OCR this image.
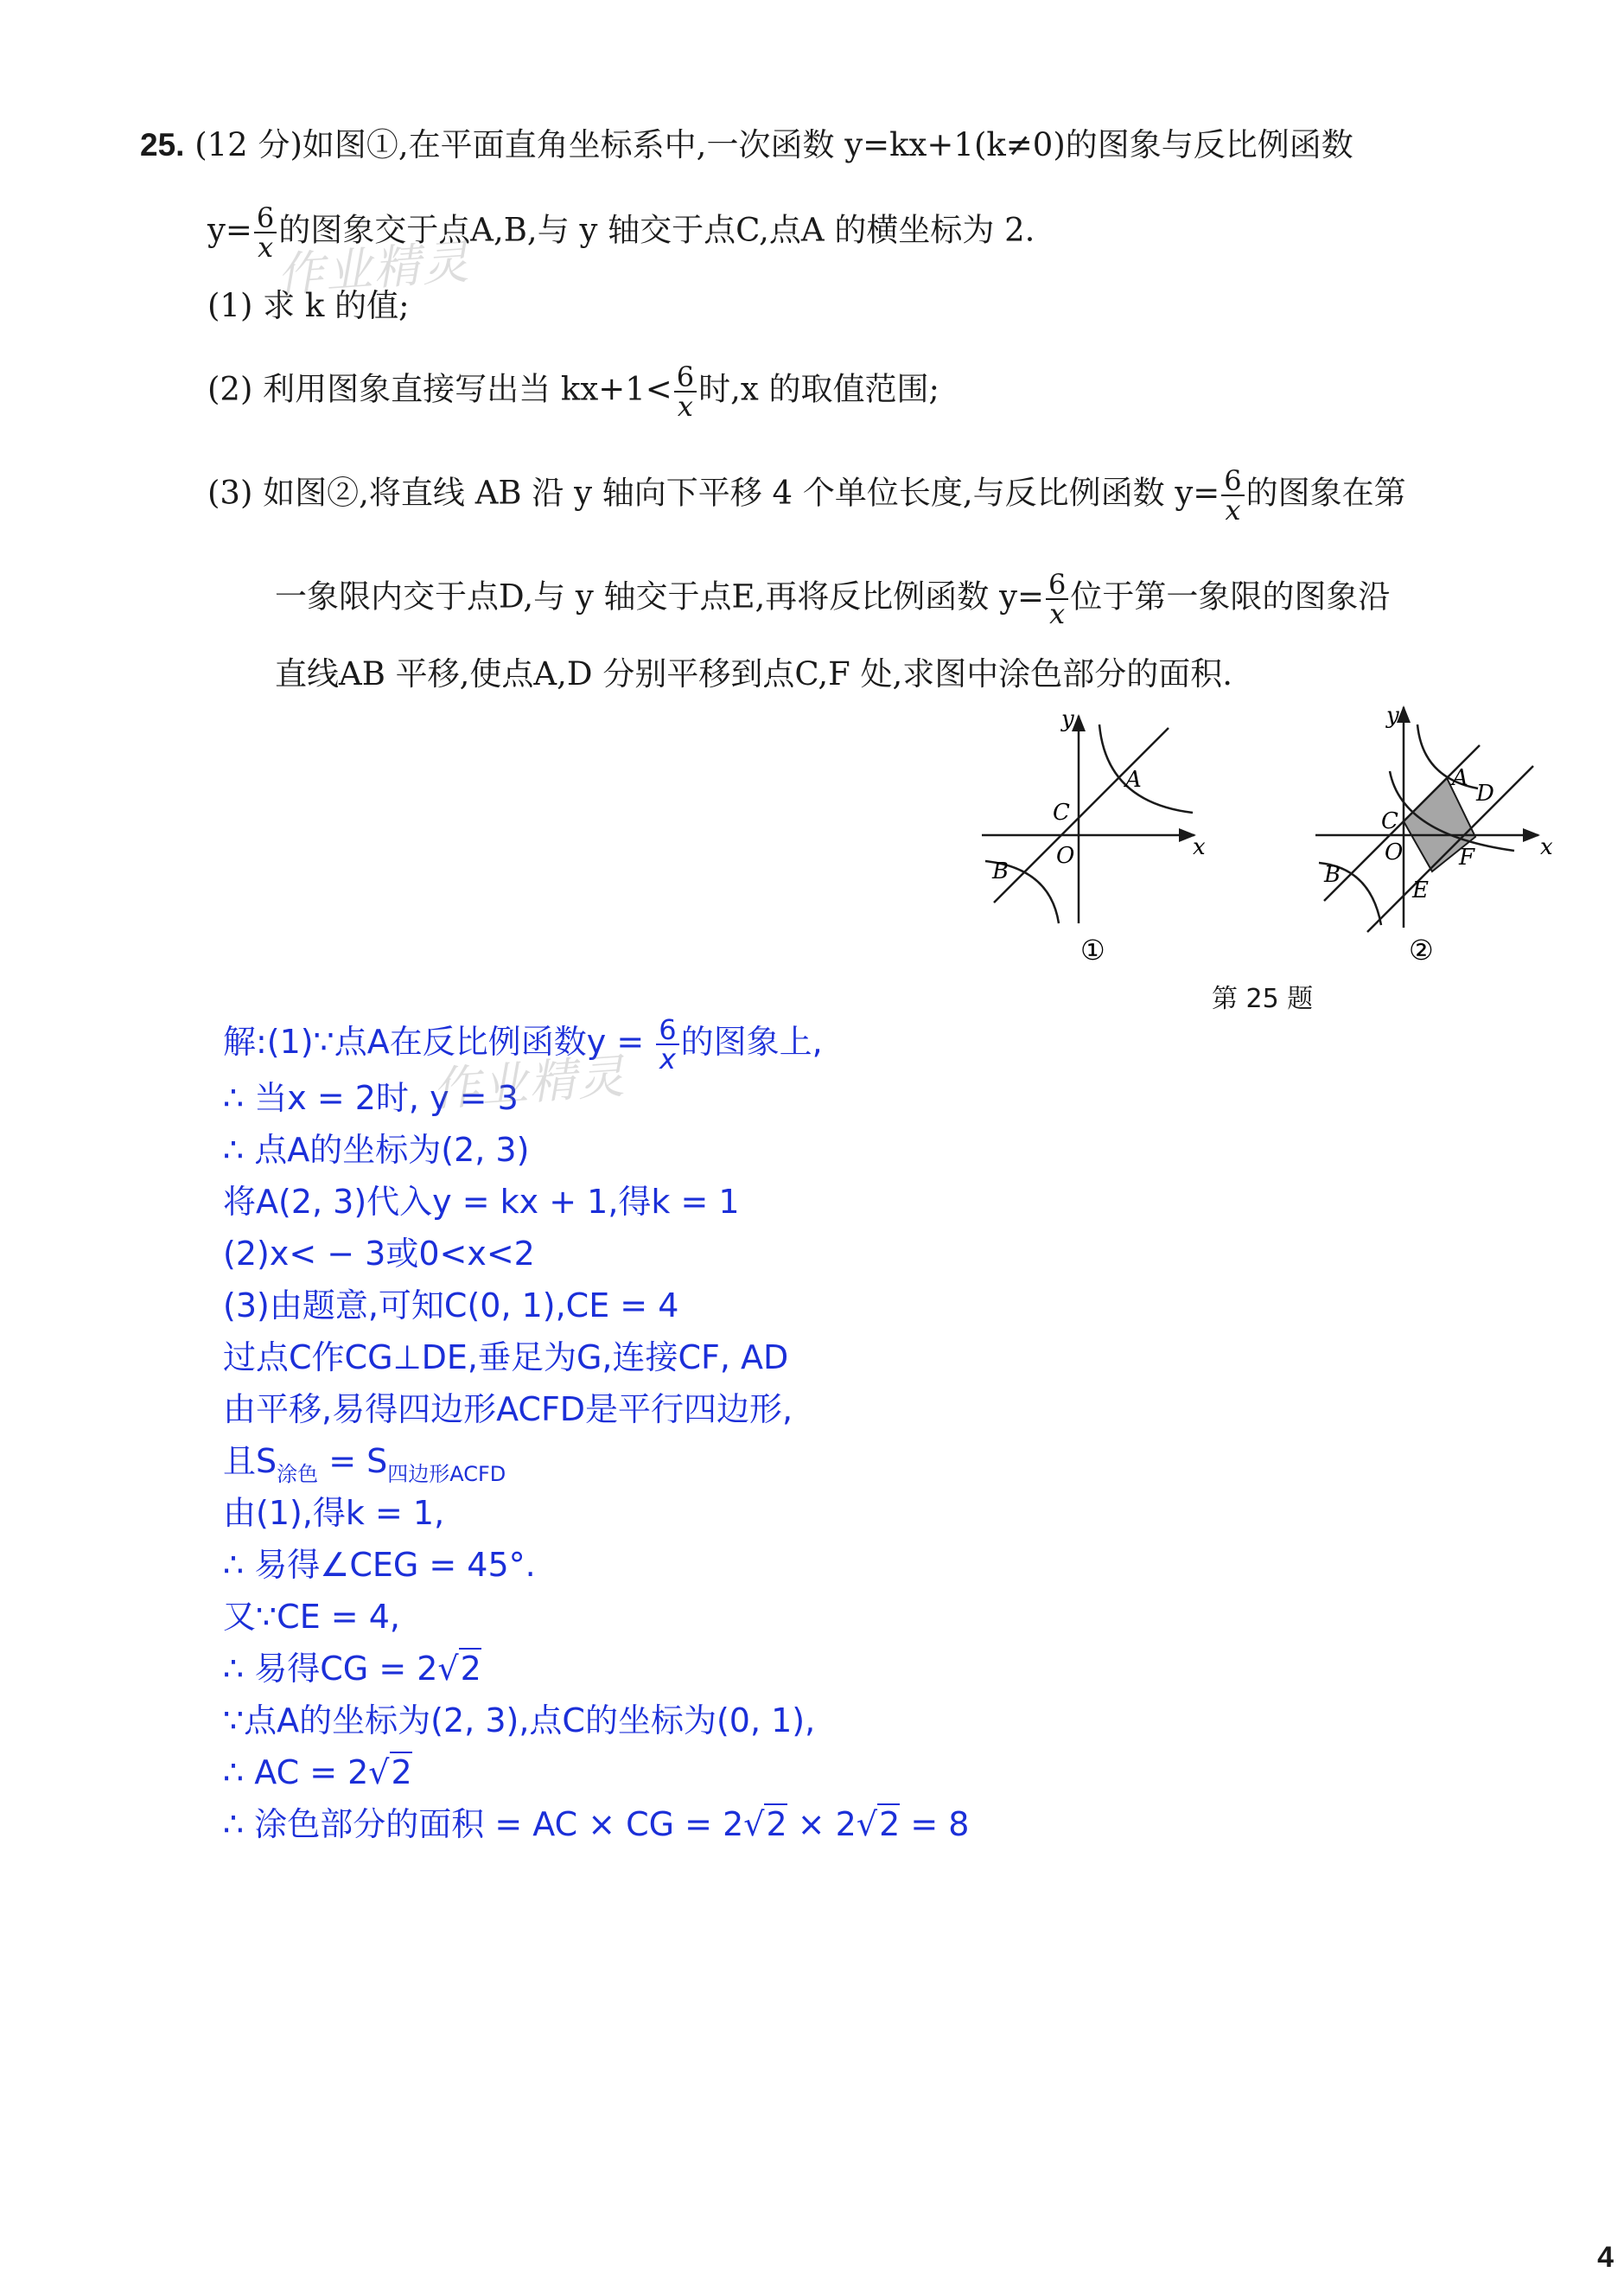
25. (12 分)如图①,在平面直角坐标系中,一次函数 y=kx+1(k≠0)的图象与反比例函数
$y= \frac{6}{x}$ 的图象交于点A,B,与 y 轴交于点C,点A 的横坐标为 2.
(1) 求 k 的值;
(2) 利用图象直接写出当 $kx+1< \frac{6}{x}$ 时,x 的取值范围;
(3) 如图②,将直线 AB 沿 y 轴向下平移 4 个单位长度,与反比例函数 $y= \frac{6}{x}$ 的图象在第
一象限内交于点D,与 y 轴交于点E,再将反比例函数 $y= \frac{6}{x}$ 位于第一象限的图象沿
直线AB 平移,使点A,D 分别平移到点C,F 处,求图中涂色部分的面积.
作业精灵
y
x
O
C
A
B
①
y
x
O
C
A
D
F
E
B
②
第 25 题
解:(1)∵点A在反比例函数$y = \frac{6}{x}$ 的图象上,
∴ 当x = 2时, y = 3
∴ 点A的坐标为(2, 3)
将A(2, 3)代入y = kx + 1,得k = 1
(2)x< − 3或0<x<2
(3)由题意,可知C(0, 1),CE = 4
过点C作CG⊥DE,垂足为G,连接CF, AD
由平移,易得四边形ACFD是平行四边形,
且$S_{涂色} = S_{四边形ACFD}$
由(1),得k = 1,
∴ 易得∠CEG = 45°.
又∵CE = 4,
∴ 易得CG = 2√2
∵点A的坐标为(2, 3),点C的坐标为(0, 1),
∴ AC = 2√2
∴ 涂色部分的面积 = AC × CG = 2√2 × 2√2 = 8
作业精灵
4
